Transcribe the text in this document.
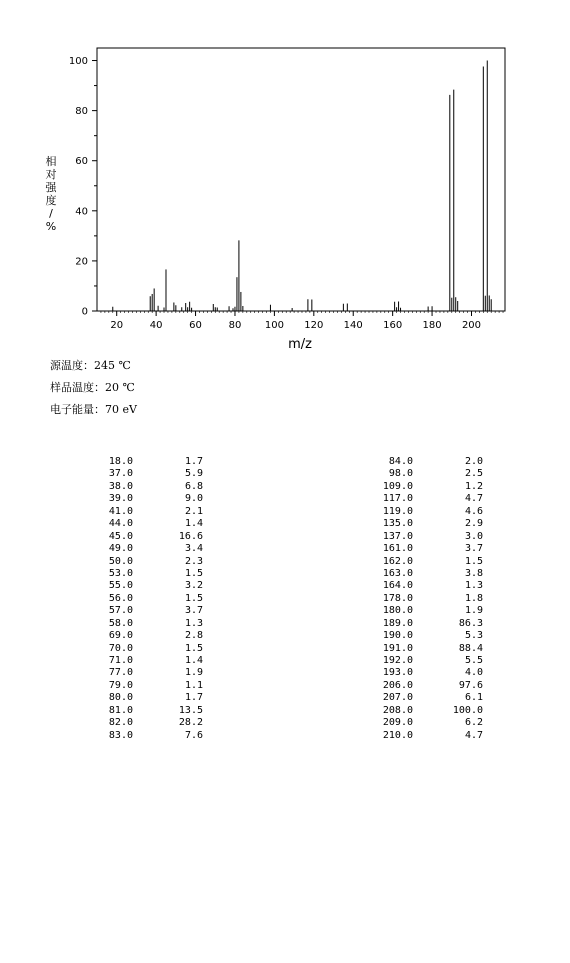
20	40	60	80 100 120 140 160 180 200
0
20
40
60
80
100
m/z
相
对
强
度
/
%
源温度：245 ℃
样品温度：20 ℃
电子能量：70 eV
18.0	1.7
37.0	5.9
38.0	6.8
39.0	9.0
41.0	2.1
44.0	1.4
45.0	16.6
49.0	3.4
50.0	2.3
53.0	1.5
55.0	3.2
56.0	1.5
57.0	3.7
58.0	1.3
69.0	2.8
70.0	1.5
71.0	1.4
77.0	1.9
79.0	1.1
80.0	1.7
81.0	13.5
82.0	28.2
83.0	7.6
84.0	2.0
98.0	2.5
109.0	1.2
117.0	4.7
119.0	4.6
135.0	2.9
137.0	3.0
161.0	3.7
162.0	1.5
163.0	3.8
164.0	1.3
178.0	1.8
180.0	1.9
189.0	86.3
190.0	5.3
191.0	88.4
192.0	5.5
193.0	4.0
206.0	97.6
207.0	6.1
208.0	100.0
209.0	6.2
210.0	4.7
